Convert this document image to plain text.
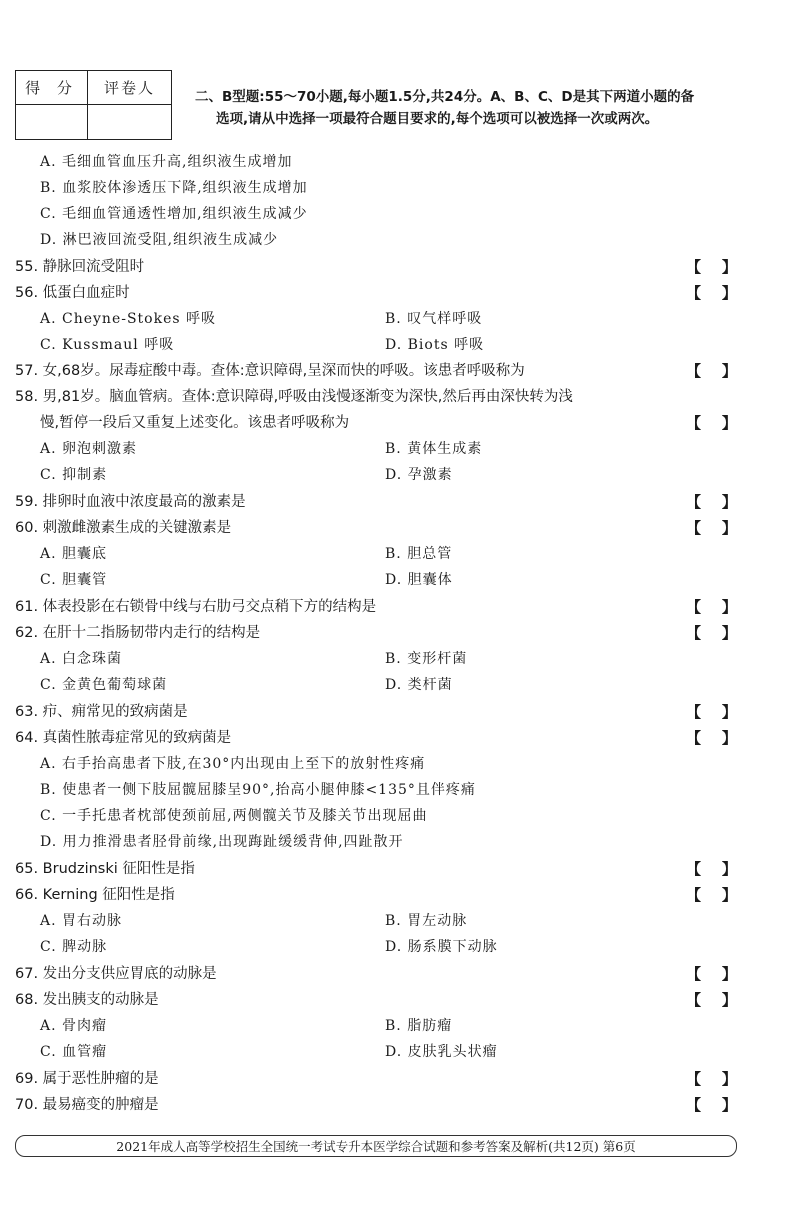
得 分	评卷人	二、B型题:55～70小题,每小题1.5分,共24分。A、B、C、D是其下两道小题的备
选项,请从中选择一项最符合题目要求的,每个选项可以被选择一次或两次。
A. 毛细血管血压升高,组织液生成增加
B. 血浆胶体渗透压下降,组织液生成增加
C. 毛细血管通透性增加,组织液生成减少
D. 淋巴液回流受阻,组织液生成减少
55. 静脉回流受阻时	【    】
56. 低蛋白血症时	【    】
A. Cheyne-Stokes 呼吸	B. 叹气样呼吸
C. Kussmaul 呼吸	D. Biots 呼吸
57. 女,68岁。尿毒症酸中毒。查体:意识障碍,呈深而快的呼吸。该患者呼吸称为	【    】
58. 男,81岁。脑血管病。查体:意识障碍,呼吸由浅慢逐渐变为深快,然后再由深快转为浅
慢,暂停一段后又重复上述变化。该患者呼吸称为	【    】
A. 卵泡刺激素	B. 黄体生成素
C. 抑制素	D. 孕激素
59. 排卵时血液中浓度最高的激素是	【    】
60. 刺激雌激素生成的关键激素是	【    】
A. 胆囊底	B. 胆总管
C. 胆囊管	D. 胆囊体
61. 体表投影在右锁骨中线与右肋弓交点稍下方的结构是	【    】
62. 在肝十二指肠韧带内走行的结构是	【    】
A. 白念珠菌	B. 变形杆菌
C. 金黄色葡萄球菌	D. 类杆菌
63. 疖、痈常见的致病菌是	【    】
64. 真菌性脓毒症常见的致病菌是	【    】
A. 右手抬高患者下肢,在30°内出现由上至下的放射性疼痛
B. 使患者一侧下肢屈髋屈膝呈90°,抬高小腿伸膝<135°且伴疼痛
C. 一手托患者枕部使颈前屈,两侧髋关节及膝关节出现屈曲
D. 用力推滑患者胫骨前缘,出现踇趾缓缓背伸,四趾散开
65. Brudzinski 征阳性是指	【    】
66. Kerning 征阳性是指	【    】
A. 胃右动脉	B. 胃左动脉
C. 脾动脉	D. 肠系膜下动脉
67. 发出分支供应胃底的动脉是	【    】
68. 发出胰支的动脉是	【    】
A. 骨肉瘤	B. 脂肪瘤
C. 血管瘤	D. 皮肤乳头状瘤
69. 属于恶性肿瘤的是	【    】
70. 最易癌变的肿瘤是	【    】
2021年成人高等学校招生全国统一考试专升本医学综合试题和参考答案及解析(共12页) 第6页
